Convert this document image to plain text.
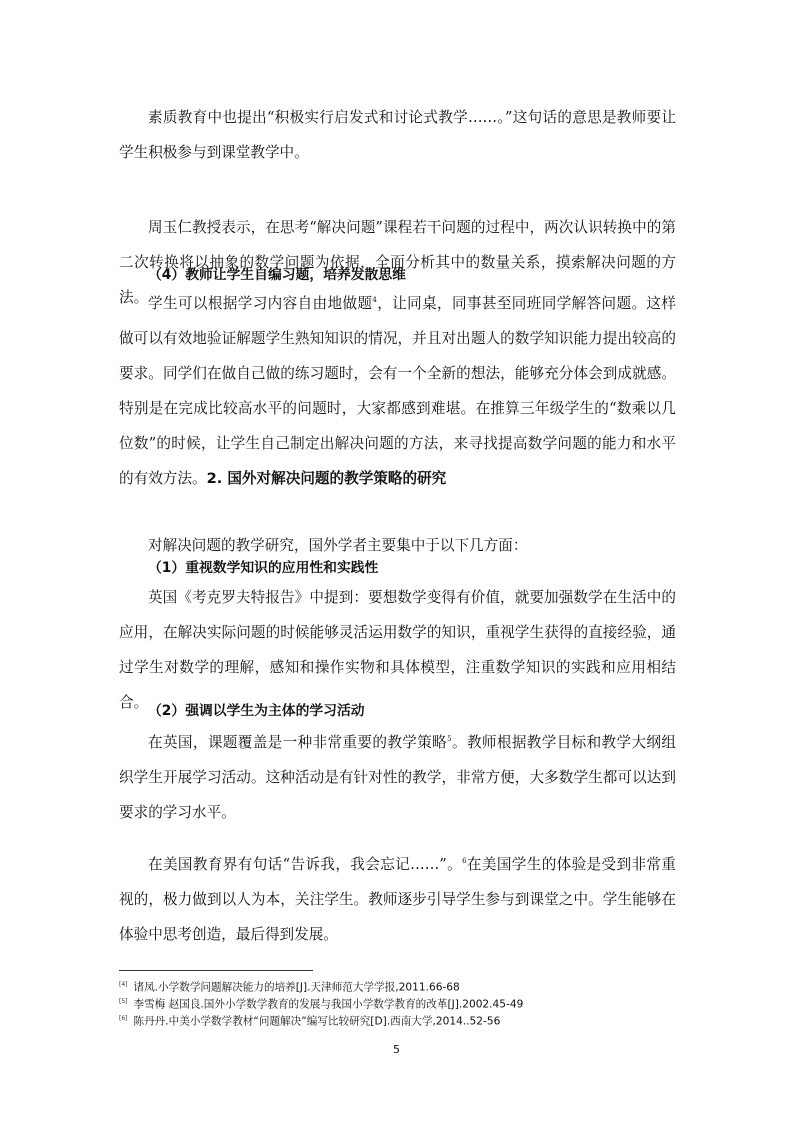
素质教育中也提出“积极实行启发式和讨论式教学……。”这句话的意思是教师要让学生积极参与到课堂教学中。

周玉仁教授表示，在思考“解决问题”课程若干问题的过程中，两次认识转换中的第二次转换将以抽象的数学问题为依据，全面分析其中的数量关系，摸索解决问题的方法。

（4）教师让学生自编习题，培养发散思维

学生可以根据学习内容自由地做题$^4$，让同桌，同事甚至同班同学解答问题。这样做可以有效地验证解题学生熟知知识的情况，并且对出题人的数学知识能力提出较高的要求。同学们在做自己做的练习题时，会有一个全新的想法，能够充分体会到成就感。特别是在完成比较高水平的问题时，大家都感到难堪。在推算三年级学生的“数乘以几位数”的时候，让学生自己制定出解决问题的方法，来寻找提高数学问题的能力和水平的有效方法。2. 国外对解决问题的教学策略的研究

对解决问题的教学研究，国外学者主要集中于以下几方面：

（1）重视数学知识的应用性和实践性

英国《考克罗夫特报告》中提到：要想数学变得有价值，就要加强数学在生活中的应用，在解决实际问题的时候能够灵活运用数学的知识，重视学生获得的直接经验，通过学生对数学的理解，感知和操作实物和具体模型，注重数学知识的实践和应用相结合。 （2）强调以学生为主体的学习活动

在英国，课题覆盖是一种非常重要的教学策略$^5$。教师根据教学目标和教学大纲组织学生开展学习活动。这种活动是有针对性的教学，非常方便，大多数学生都可以达到要求的学习水平。

在美国教育界有句话“告诉我，我会忘记……”。$^6$在美国学生的体验是受到非常重视的，极力做到以人为本，关注学生。教师逐步引导学生参与到课堂之中。学生能够在体验中思考创造，最后得到发展。

[4] 诸凤.小学数学问题解决能力的培养[J].天津师范大学学报,2011.66-68

[5] 李雪梅 赵国良.国外小学数学教育的发展与我国小学数学教育的改革[J].2002.45-49

[6] 陈丹丹.中美小学数学教材“问题解决”编写比较研究[D].西南大学,2014..52-56

5
